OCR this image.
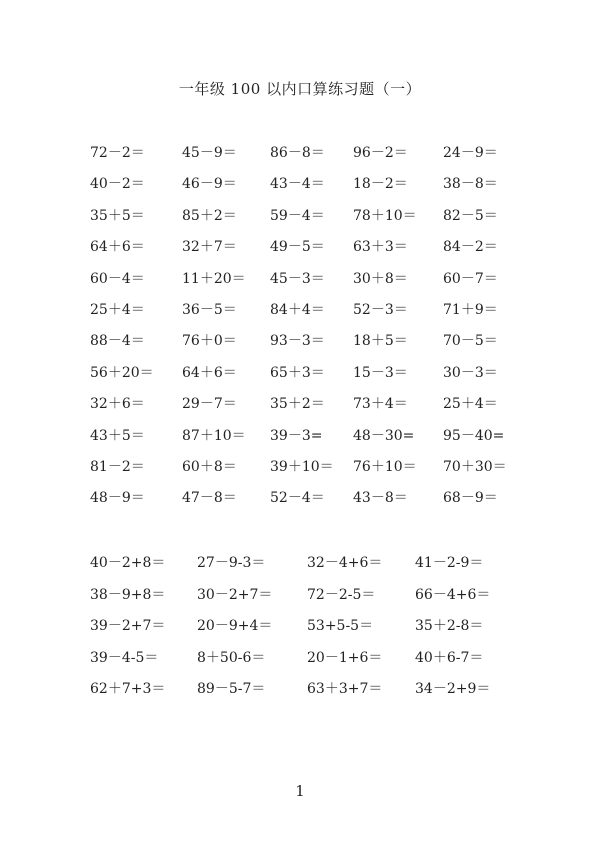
一年级 100 以内口算练习题（一）
72－2＝	45－9＝ 86－8＝ 96－2＝	24－9＝
40－2＝	46－9＝ 43－4＝ 18－2＝	38－8＝
35＋5＝	85＋2＝ 59－4＝ 78＋10＝ 82－5＝
64＋6＝	32＋7＝ 49－5＝ 63＋3＝	84－2＝
60－4＝	11＋20＝ 45－3＝ 30＋8＝	60－7＝
25＋4＝	36－5＝ 84＋4＝ 52－3＝	71＋9＝
88－4＝	76＋0＝ 93－3＝ 18＋5＝	70－5＝
56＋20＝ 64＋6＝ 65＋3＝ 15－3＝	30－3＝
32＋6＝	29－7＝ 35＋2＝ 73＋4＝	25＋4＝
43＋5＝	87＋10＝ 39－3= 48－30= 95－40=
81－2＝	60＋8＝ 39＋10＝ 76＋10＝ 70＋30＝
48－9＝	47－8＝ 52－4＝ 43－8＝	68－9＝
40－2+8＝ 27－9-3＝	32－4+6＝ 41－2-9＝
38－9+8＝ 30－2+7＝ 72－2-5＝	66－4+6＝
39－2+7＝ 20－9+4＝ 53+5-5＝	35＋2-8＝
39－4-5＝	8＋50-6＝	20－1+6＝ 40＋6-7＝
62＋7+3＝ 89－5-7＝	63＋3+7＝ 34－2+9＝
1
